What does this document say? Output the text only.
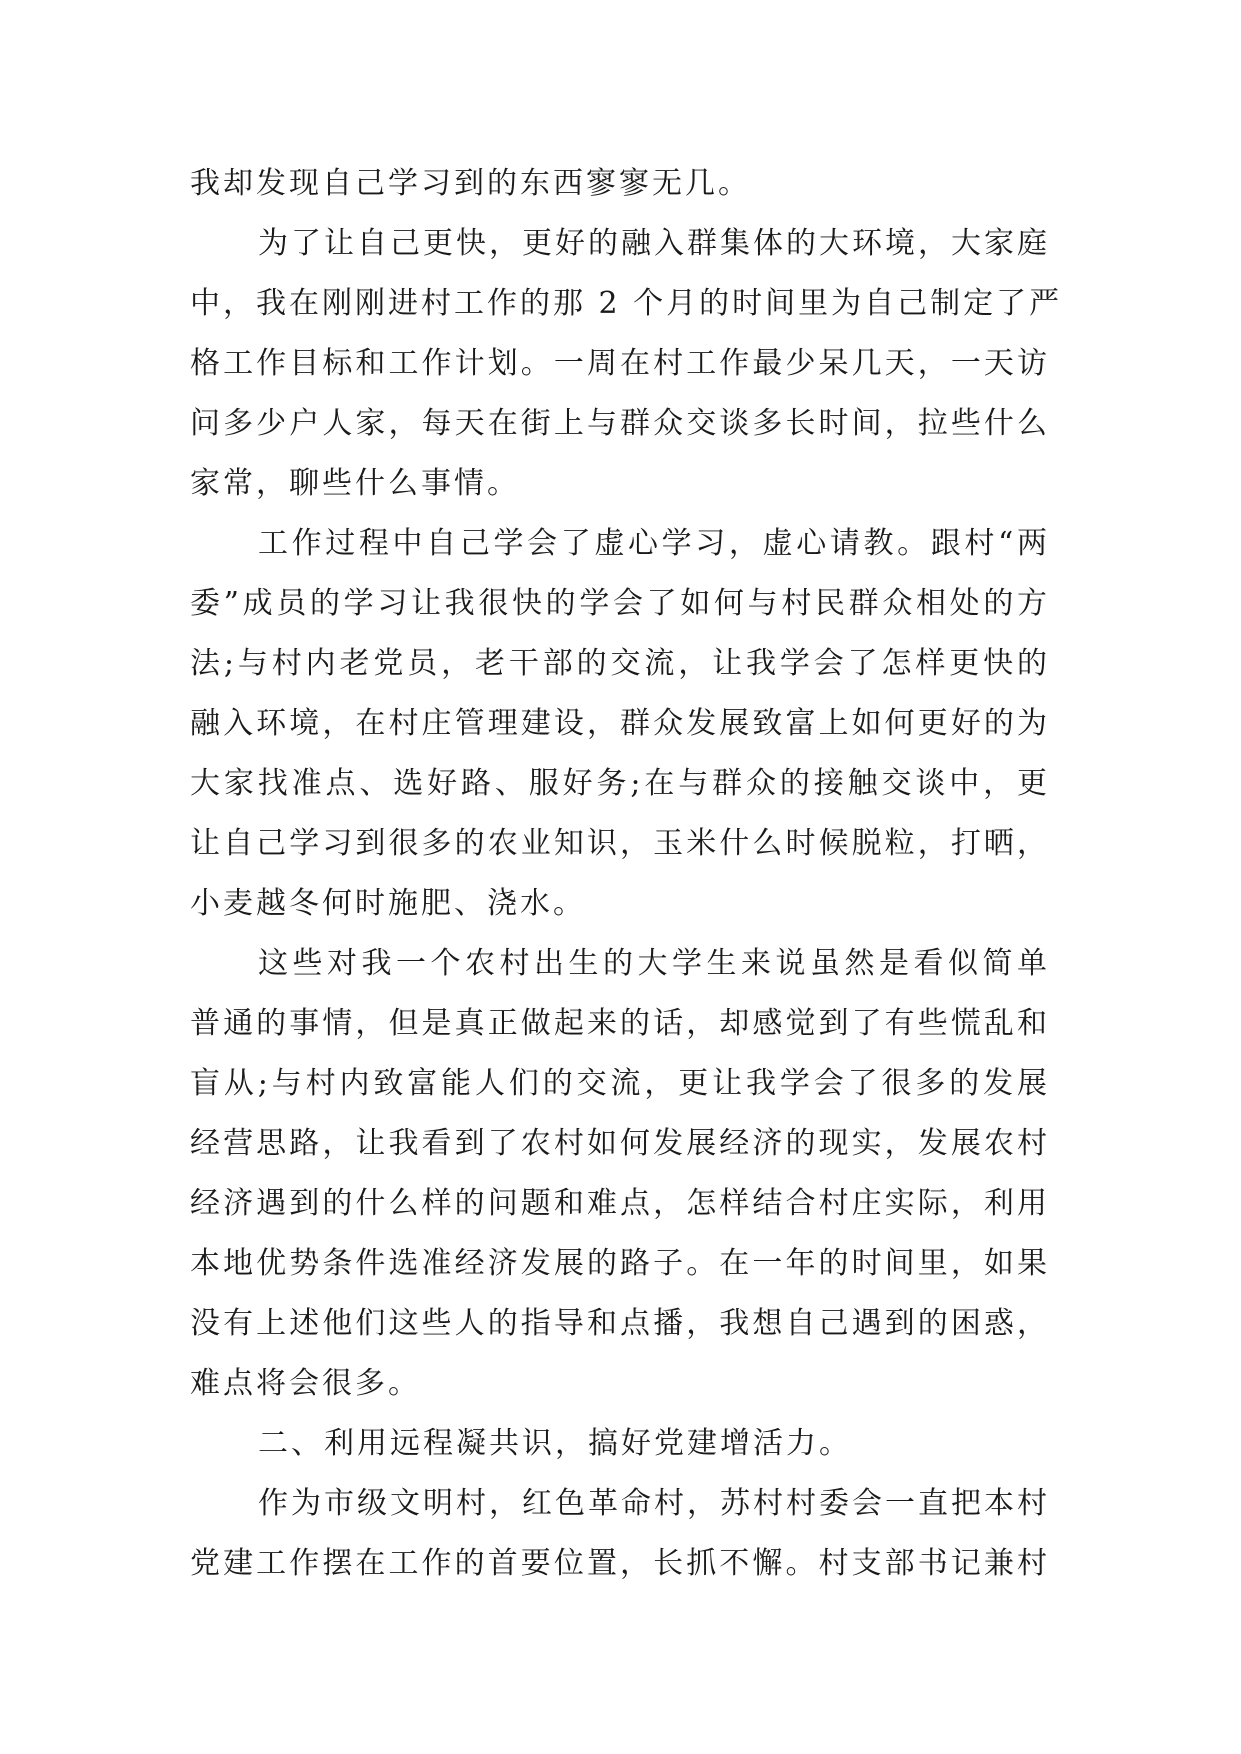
我却发现自己学习到的东西寥寥无几。
为了让自己更快，更好的融入群集体的大环境，大家庭
中，我在刚刚进村工作的那 2 个月的时间里为自己制定了严
格工作目标和工作计划。一周在村工作最少呆几天，一天访
问多少户人家，每天在街上与群众交谈多长时间，拉些什么
家常，聊些什么事情。
工作过程中自己学会了虚心学习，虚心请教。跟村“两
委”成员的学习让我很快的学会了如何与村民群众相处的方
法;与村内老党员，老干部的交流，让我学会了怎样更快的
融入环境，在村庄管理建设，群众发展致富上如何更好的为
大家找准点、选好路、服好务;在与群众的接触交谈中，更
让自己学习到很多的农业知识，玉米什么时候脱粒，打晒，
小麦越冬何时施肥、浇水。
这些对我一个农村出生的大学生来说虽然是看似简单
普通的事情，但是真正做起来的话，却感觉到了有些慌乱和
盲从;与村内致富能人们的交流，更让我学会了很多的发展
经营思路，让我看到了农村如何发展经济的现实，发展农村
经济遇到的什么样的问题和难点，怎样结合村庄实际，利用
本地优势条件选准经济发展的路子。在一年的时间里，如果
没有上述他们这些人的指导和点播，我想自己遇到的困惑，
难点将会很多。
二、利用远程凝共识，搞好党建增活力。
作为市级文明村，红色革命村，苏村村委会一直把本村
党建工作摆在工作的首要位置，长抓不懈。村支部书记兼村
